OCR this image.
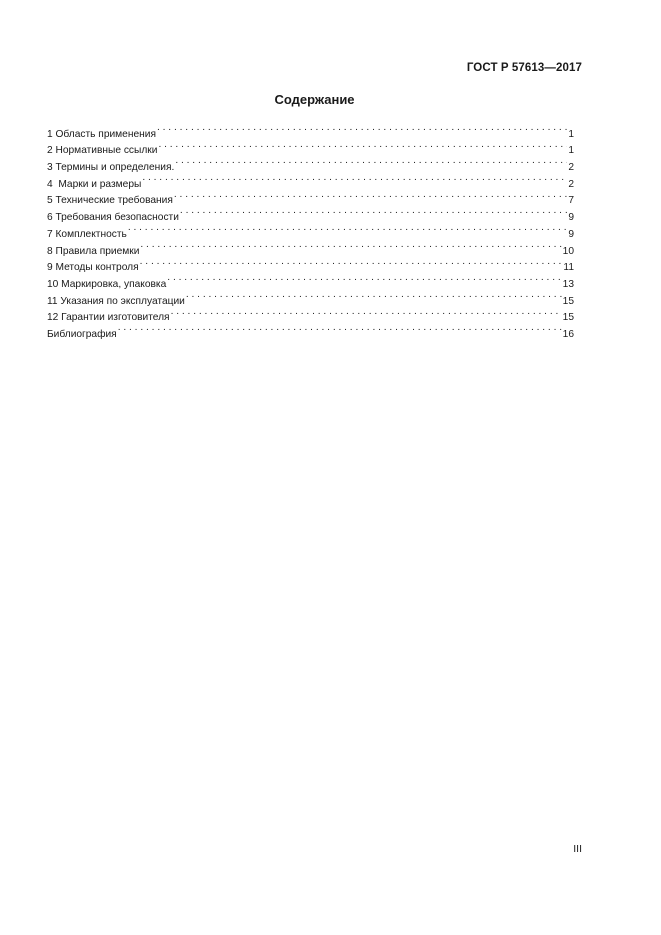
ГОСТ Р 57613—2017
Содержание
1 Область применения . . .	1
2 Нормативные ссылки . . .	1
3 Термины и определения. . . .	2
4  Марки и размеры . . .	2
5 Технические требования . . .	7
6 Требования безопасности . . .	9
7 Комплектность . . .	9
8 Правила приемки . . .	10
9 Методы контроля . . .	11
10 Маркировка, упаковка . . .	13
11 Указания по эксплуатации . . .	15
12 Гарантии изготовителя . . .	15
Библиография . . .	16
III
